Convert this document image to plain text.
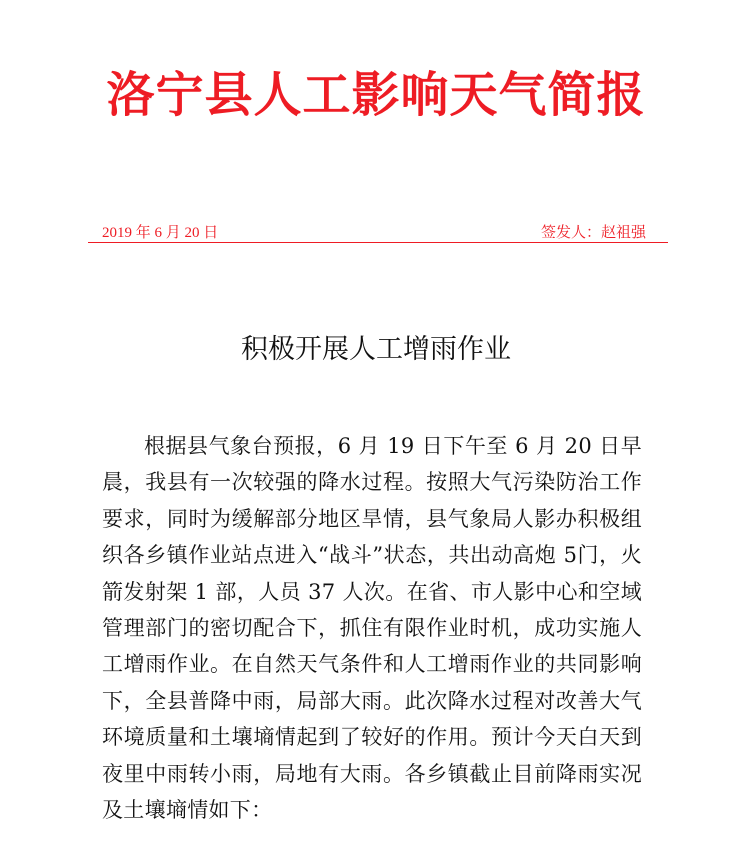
洛宁县人工影响天气简报
2019 年 6 月 20 日	签发人：赵祖强
积极开展人工增雨作业

根据县气象台预报，6 月 19 日下午至 6 月 20 日早晨，我县有一次较强的降水过程。按照大气污染防治工作要求，同时为缓解部分地区旱情，县气象局人影办积极组织各乡镇作业站点进入“战斗”状态，共出动高炮 5门，火箭发射架 1 部，人员 37 人次。在省、市人影中心和空域管理部门的密切配合下，抓住有限作业时机，成功实施人工增雨作业。在自然天气条件和人工增雨作业的共同影响下，全县普降中雨，局部大雨。此次降水过程对改善大气环境质量和土壤墒情起到了较好的作用。预计今天白天到夜里中雨转小雨，局地有大雨。各乡镇截止目前降雨实况及土壤墒情如下：
